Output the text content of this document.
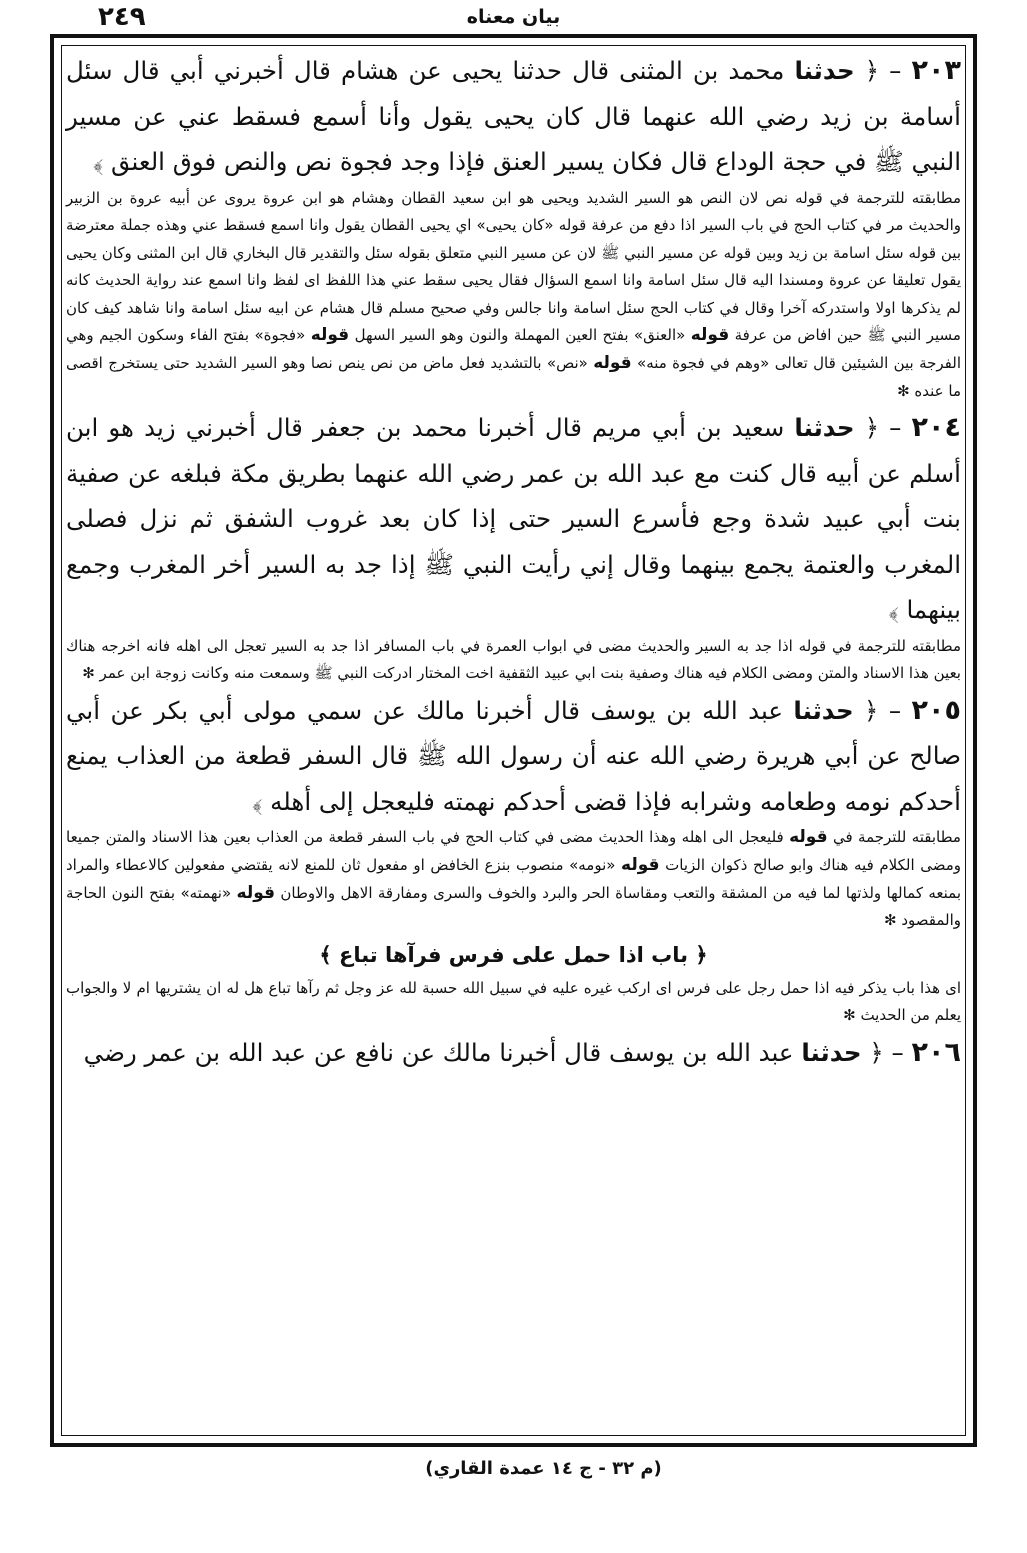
٢٤٩	بيان معناه

٢٠٣ – ﴿ حدثنا محمد بن المثنى قال حدثنا يحيى عن هشام قال أخبرني أبي قال سئل أسامة بن زيد رضي الله عنهما قال كان يحيى يقول وأنا أسمع فسقط عني عن مسير النبي ﷺ في حجة الوداع قال فكان يسير العنق فإذا وجد فجوة نص والنص فوق العنق ﴾

مطابقته للترجمة في قوله نص لان النص هو السير الشديد ويحيى هو ابن سعيد القطان وهشام هو ابن عروة يروى عن أبيه عروة بن الزبير والحديث مر في كتاب الحج في باب السير اذا دفع من عرفة قوله «كان يحيى» اي يحيى القطان يقول وانا اسمع فسقط عني وهذه جملة معترضة بين قوله سئل اسامة بن زيد وبين قوله عن مسير النبي ﷺ لان عن مسير النبي متعلق بقوله سئل والتقدير قال البخاري قال ابن المثنى وكان يحيى يقول تعليقا عن عروة ومسندا اليه قال سئل اسامة وانا اسمع السؤال فقال يحيى سقط عني هذا اللفظ اى لفظ وانا اسمع عند رواية الحديث كانه لم يذكرها اولا واستدركه آخرا وقال في كتاب الحج سئل اسامة وانا جالس وفي صحيح مسلم قال هشام عن ابيه سئل اسامة وانا شاهد كيف كان مسير النبي ﷺ حين افاض من عرفة قوله «العنق» بفتح العين المهملة والنون وهو السير السهل قوله «فجوة» بفتح الفاء وسكون الجيم وهي الفرجة بين الشيئين قال تعالى «وهم في فجوة منه» قوله «نص» بالتشديد فعل ماض من نص ينص نصا وهو السير الشديد حتى يستخرج اقصى ما عنده ✻

٢٠٤ – ﴿ حدثنا سعيد بن أبي مريم قال أخبرنا محمد بن جعفر قال أخبرني زيد هو ابن أسلم عن أبيه قال كنت مع عبد الله بن عمر رضي الله عنهما بطريق مكة فبلغه عن صفية بنت أبي عبيد شدة وجع فأسرع السير حتى إذا كان بعد غروب الشفق ثم نزل فصلى المغرب والعتمة يجمع بينهما وقال إني رأيت النبي ﷺ إذا جد به السير أخر المغرب وجمع بينهما ﴾

مطابقته للترجمة في قوله اذا جد به السير والحديث مضى في ابواب العمرة في باب المسافر اذا جد به السير تعجل الى اهله فانه اخرجه هناك بعين هذا الاسناد والمتن ومضى الكلام فيه هناك وصفية بنت ابي عبيد الثقفية اخت المختار ادركت النبي ﷺ وسمعت منه وكانت زوجة ابن عمر ✻

٢٠٥ – ﴿ حدثنا عبد الله بن يوسف قال أخبرنا مالك عن سمي مولى أبي بكر عن أبي صالح عن أبي هريرة رضي الله عنه أن رسول الله ﷺ قال السفر قطعة من العذاب يمنع أحدكم نومه وطعامه وشرابه فإذا قضى أحدكم نهمته فليعجل إلى أهله ﴾

مطابقته للترجمة في قوله فليعجل الى اهله وهذا الحديث مضى في كتاب الحج في باب السفر قطعة من العذاب بعين هذا الاسناد والمتن جميعا ومضى الكلام فيه هناك وابو صالح ذكوان الزيات قوله «نومه» منصوب بنزع الخافض او مفعول ثان للمنع لانه يقتضي مفعولين كالاعطاء والمراد بمنعه كمالها ولذتها لما فيه من المشقة والتعب ومقاساة الحر والبرد والخوف والسرى ومفارقة الاهل والاوطان قوله «نهمته» بفتح النون الحاجة والمقصود ✻

﴿ باب اذا حمل على فرس فرآها تباع ﴾

اى هذا باب يذكر فيه اذا حمل رجل على فرس اى اركب غيره عليه في سبيل الله حسبة لله عز وجل ثم رآها تباع هل له ان يشتريها ام لا والجواب يعلم من الحديث ✻

٢٠٦ – ﴿ حدثنا عبد الله بن يوسف قال أخبرنا مالك عن نافع عن عبد الله بن عمر رضي

(م ٣٢ - ج ١٤ عمدة القاري)
